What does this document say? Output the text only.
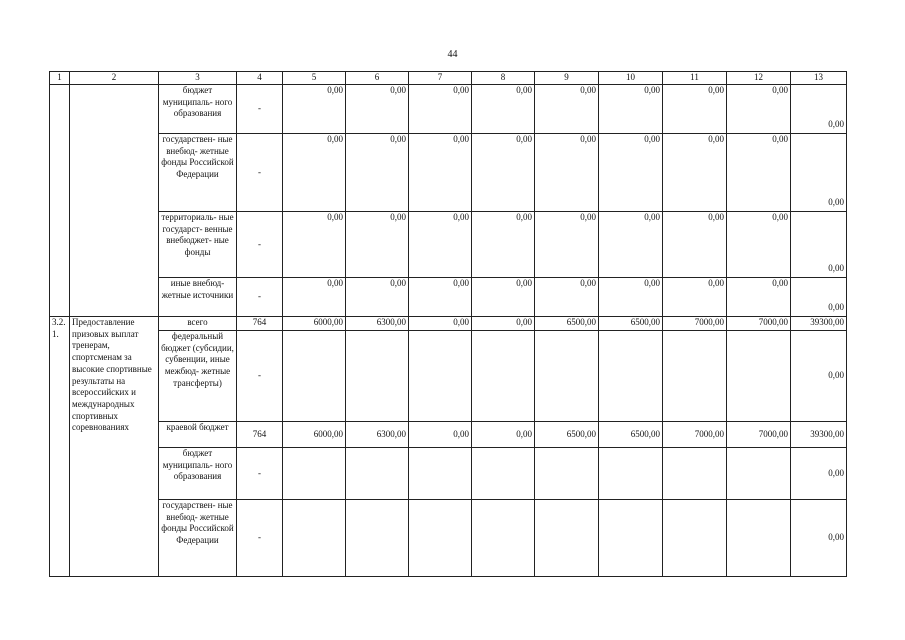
44
1	2	3	4	5	6	7	8	9	10	11	12	13
		бюджет муниципаль- ного образования	-	0,00	0,00	0,00	0,00	0,00	0,00	0,00	0,00	0,00
		государствен- ные внебюд- жетные фонды Российской Федерации	-	0,00	0,00	0,00	0,00	0,00	0,00	0,00	0,00	0,00
		территориаль- ные государст- венные внебюджет- ные фонды	-	0,00	0,00	0,00	0,00	0,00	0,00	0,00	0,00	0,00
		иные внебюд- жетные источники	-	0,00	0,00	0,00	0,00	0,00	0,00	0,00	0,00	0,00
3.2. 1.	Предоставление призовых выплат тренерам, спортсменам за высокие спортивные результаты на всероссийских и международных спортивных соревнованиях	всего	764	6000,00	6300,00	0,00	0,00	6500,00	6500,00	7000,00	7000,00	39300,00
		федеральный бюджет (субсидии, субвенции, иные межбюд- жетные трансферты)	-									0,00
		краевой бюджет	764	6000,00	6300,00	0,00	0,00	6500,00	6500,00	7000,00	7000,00	39300,00
		бюджет муниципаль- ного образования	-									0,00
		государствен- ные внебюд- жетные фонды Российской Федерации	-									0,00
